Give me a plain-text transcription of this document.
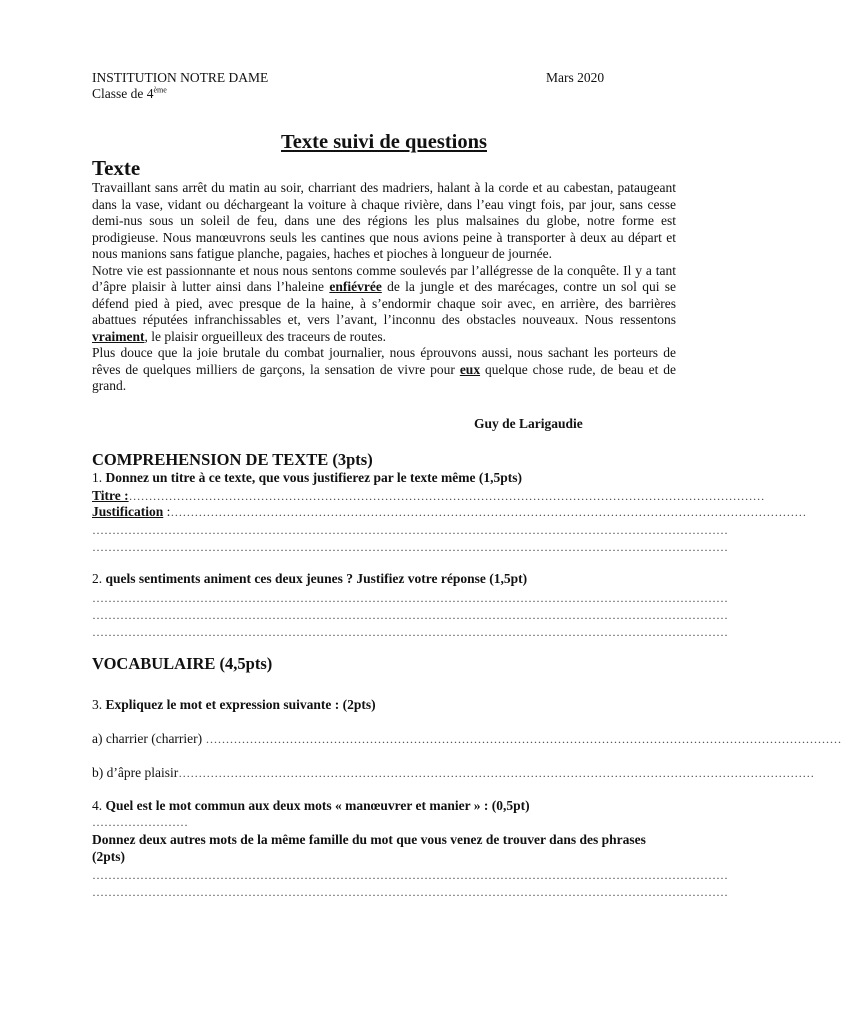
INSTITUTION NOTRE DAME
Classe de 4ème
Mars 2020
Texte suivi de questions
Texte

Travaillant sans arrêt du matin au soir, charriant des madriers, halant à la corde et au cabestan, pataugeant dans la vase, vidant ou déchargeant la voiture à chaque rivière, dans l’eau vingt fois, par jour, sans cesse demi-nus sous un soleil de feu, dans une des régions les plus malsaines du globe, notre forme est prodigieuse. Nous manœuvrons seuls les cantines que nous avions peine à transporter à deux au départ et nous manions sans fatigue planche, pagaies, haches et pioches à longueur de journée.

Notre vie est passionnante et nous nous sentons comme soulevés par l’allégresse de la conquête. Il y a tant d’âpre plaisir à lutter ainsi dans l’haleine enfiévrée de la jungle et des marécages, contre un sol qui se défend pied à pied, avec presque de la haine, à s’endormir chaque soir avec, en arrière, des barrières abattues réputées infranchissables et, vers l’avant, l’inconnu des obstacles nouveaux. Nous ressentons vraiment, le plaisir orgueilleux des traceurs de routes.

Plus douce que la joie brutale du combat journalier, nous éprouvons aussi, nous sachant les porteurs de rêves de quelques milliers de garçons, la sensation de vivre pour eux quelque chose rude, de beau et de grand.

Guy de Larigaudie
COMPREHENSION DE TEXTE (3pts)
1. Donnez un titre à ce texte, que vous justifierez par le texte même (1,5pts)
Titre :……………………………………………………………………………………………………………………………………………
Justification :……………………………………………………………………………………………………………………………………………
……………………………………………………………………………………………………………………………………………
……………………………………………………………………………………………………………………………………………
2. quels sentiments animent ces deux jeunes ? Justifiez votre réponse (1,5pt)
……………………………………………………………………………………………………………………………………………
……………………………………………………………………………………………………………………………………………
……………………………………………………………………………………………………………………………………………
VOCABULAIRE (4,5pts)
3. Expliquez le mot et expression suivante : (2pts)
a) charrier (charrier) ……………………………………………………………………………………………………………………………………………
b) d’âpre plaisir……………………………………………………………………………………………………………………………………………
4. Quel est le mot commun aux deux mots « manœuvrer et manier » : (0,5pt)
……………………
Donnez deux autres mots de la même famille du mot que vous venez de trouver dans des phrases (2pts)
……………………………………………………………………………………………………………………………………………
……………………………………………………………………………………………………………………………………………
